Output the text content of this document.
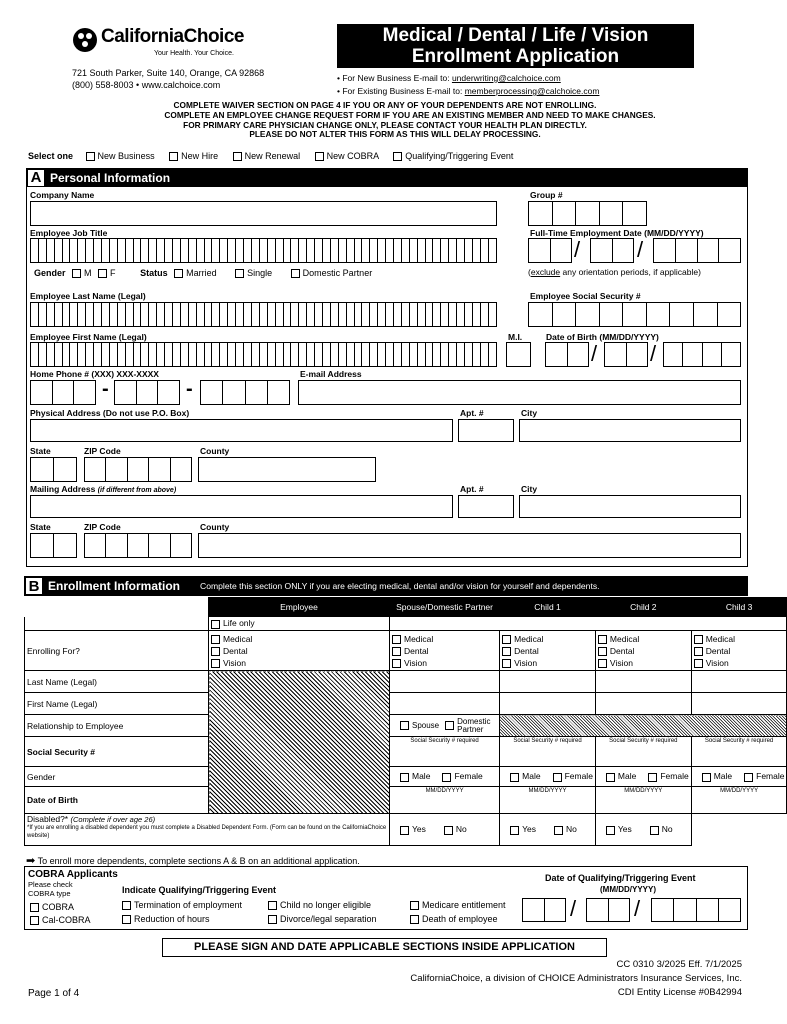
CaliforniaChoice
Your Health. Your Choice.
721 South Parker, Suite 140, Orange, CA 92868
(800) 558-8003 • www.calchoice.com
Medical / Dental / Life / Vision
Enrollment Application
• For New Business E-mail to: underwriting@calchoice.com
• For Existing Business E-mail to: memberprocessing@calchoice.com
COMPLETE WAIVER SECTION ON PAGE 4 IF YOU OR ANY OF YOUR DEPENDENTS ARE NOT ENROLLING.
COMPLETE AN EMPLOYEE CHANGE REQUEST FORM IF YOU ARE AN EXISTING MEMBER AND NEED TO MAKE CHANGES.
FOR PRIMARY CARE PHYSICIAN CHANGE ONLY, PLEASE CONTACT YOUR HEALTH PLAN DIRECTLY.
PLEASE DO NOT ALTER THIS FORM AS THIS WILL DELAY PROCESSING.
Select one	New Business	New Hire	New Renewal	New COBRA	Qualifying/Triggering Event
A Personal Information
Company Name	Group #
Employee Job Title	Full-Time Employment Date (MM/DD/YYYY)
/	/
Gender M F	Status Married	Single	Domestic Partner	(exclude any orientation periods, if applicable)
Employee Last Name (Legal)	Employee Social Security #
Employee First Name (Legal)	M.I.	Date of Birth (MM/DD/YYYY)
/ /
Home Phone # (XXX) XXX-XXXX
-	-
E-mail Address
Physical Address (Do not use P.O. Box)	Apt. #	City
State	ZIP Code	County
Mailing Address (if different from above)	Apt. #	City
State	ZIP Code	County
B Enrollment Information Complete this section ONLY if you are electing medical, dental and/or vision for yourself and dependents.
	Employee	Spouse/Domestic Partner	Child 1	Child 2	Child 3
	Life only				
Enrolling For?	Medical
Dental
Vision	Medical
Dental
Vision	Medical
Dental
Vision	Medical
Dental
Vision	Medical
Dental
Vision
Last Name (Legal)					
First Name (Legal)					
Relationship to Employee		Spouse Domestic Partner			
Social Security #		Social Security # required	Social Security # required	Social Security # required	Social Security # required

Gender		Male Female	Male Female	Male Female	Male Female
Date of Birth		MM/DD/YYYY	MM/DD/YYYY	MM/DD/YYYY	MM/DD/YYYY

Disabled?* (Complete if over age 26)

*If you are enrolling a disabled dependent you must complete a Disabled Dependent Form. (Form can be found on the CaliforniaChoice website)		Yes No	Yes No	Yes No	
➡ To enroll more dependents, complete sections A & B on an additional application.
COBRA Applicants
Please check COBRA type
COBRA
Cal-COBRA
Indicate Qualifying/Triggering Event
Termination of employment	Child no longer eligible	Medicare entitlement
Reduction of hours	Divorce/legal separation	Death of employee
Date of Qualifying/Triggering Event
(MM/DD/YYYY)
/	/
PLEASE SIGN AND DATE APPLICABLE SECTIONS INSIDE APPLICATION
CC 0310 3/2025 Eff. 7/1/2025
CaliforniaChoice, a division of CHOICE Administrators Insurance Services, Inc.
CDI Entity License #0B42994
Page 1 of 4
